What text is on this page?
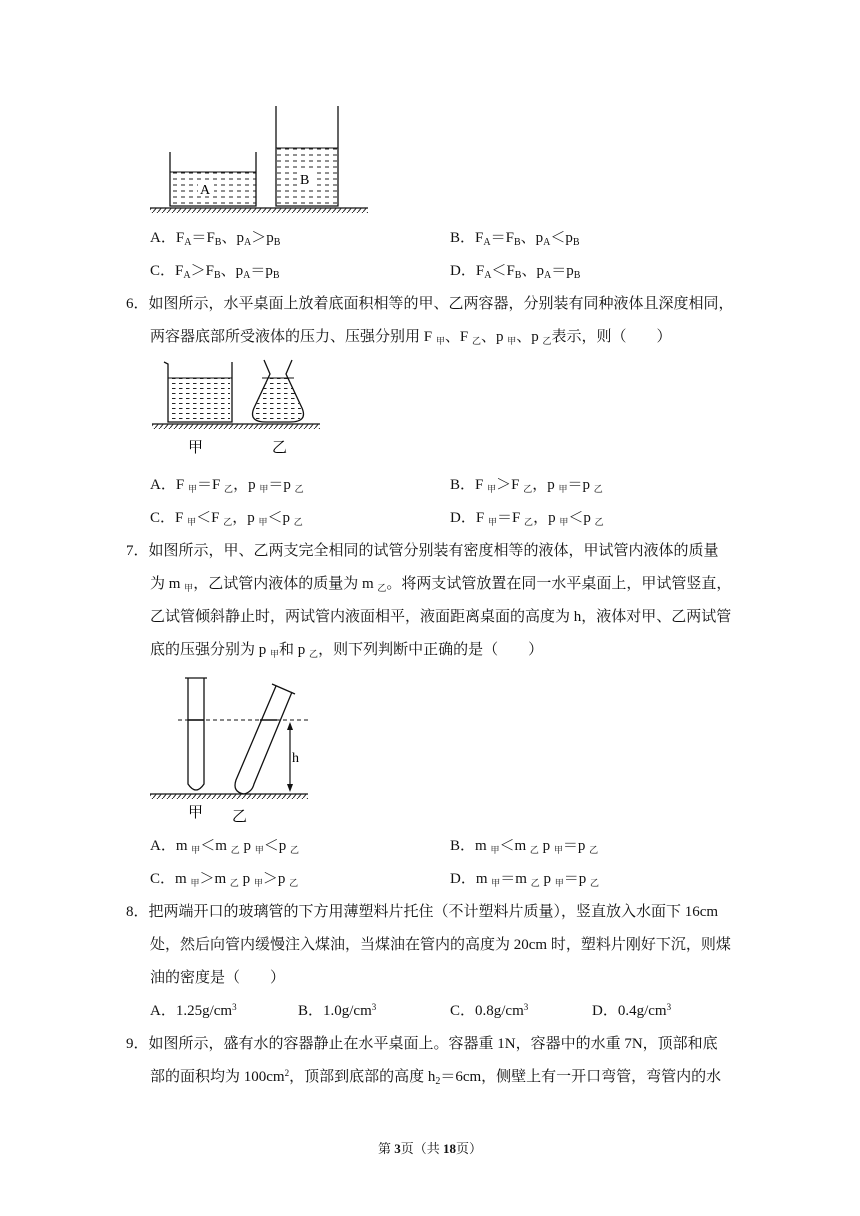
A
B
A．$F_A=F_B$、$p_A>p_B$	B．$F_A=F_B$、$p_A<p_B$
C．$F_A>F_B$、$p_A=p_B$	D．$F_A<F_B$、$p_A=p_B$
6．如图所示，水平桌面上放着底面积相等的甲、乙两容器，分别装有同种液体且深度相同，
两容器底部所受液体的压力、压强分别用 F $_甲$、F $_乙$、p $_甲$、p $_乙$表示，则（　　）
甲	乙
A．F $_甲$＝F $_乙$，p $_甲$＝p $_乙$	B．F $_甲$＞F $_乙$，p $_甲$＝p $_乙$
C．F $_甲$＜F $_乙$，p $_甲$＜p $_乙$	D．F $_甲$＝F $_乙$，p $_甲$＜p $_乙$
7．如图所示，甲、乙两支完全相同的试管分别装有密度相等的液体，甲试管内液体的质量
为 m $_甲$，乙试管内液体的质量为 m $_乙$。将两支试管放置在同一水平桌面上，甲试管竖直，
乙试管倾斜静止时，两试管内液面相平，液面距离桌面的高度为 h，液体对甲、乙两试管
底的压强分别为 p $_甲$和 p $_乙$，则下列判断中正确的是（　　）
h
甲 乙
A．m $_甲$＜m $_乙$ p $_甲$＜p $_乙$	B．m $_甲$＜m $_乙$ p $_甲$＝p $_乙$
C．m $_甲$＞m $_乙$ p $_甲$＞p $_乙$	D．m $_甲$＝m $_乙$ p $_甲$＝p $_乙$
8．把两端开口的玻璃管的下方用薄塑料片托住（不计塑料片质量），竖直放入水面下 16cm
处，然后向管内缓慢注入煤油，当煤油在管内的高度为 20cm 时，塑料片刚好下沉，则煤
油的密度是（　　）
A．$1.25g/cm^3$	B．$1.0g/cm^3$	C．$0.8g/cm^3$	D．$0.4g/cm^3$
9．如图所示，盛有水的容器静止在水平桌面上。容器重 1N，容器中的水重 7N，顶部和底
部的面积均为 $100cm^2$，顶部到底部的高度 $h_2=6cm$，侧壁上有一开口弯管，弯管内的水
第 3页（共 18页）
